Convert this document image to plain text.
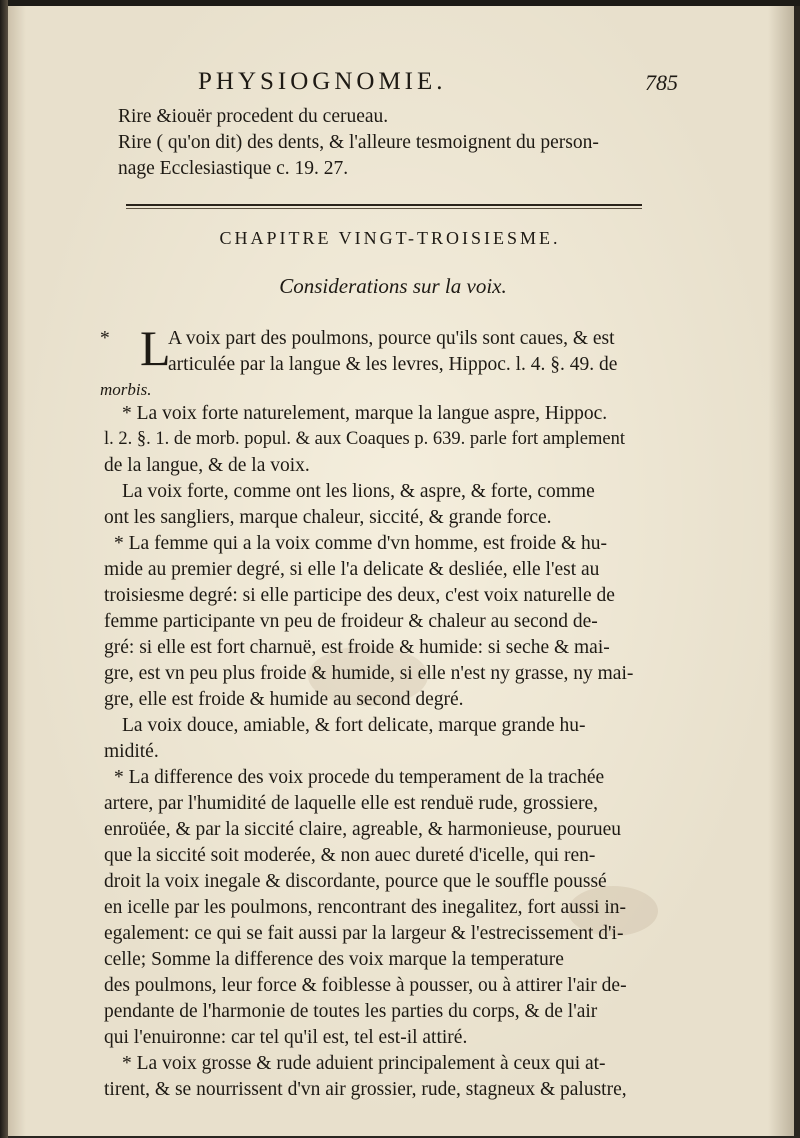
PHYSIOGNOMIE.	785
Rire &iouër procedent du cerueau.
Rire ( qu'on dit) des dents, & l'alleure tesmoignent du person-
nage Ecclesiastique c. 19. 27.
CHAPITRE VINGT-TROISIESME.
Considerations sur la voix.
* L
A voix part des poulmons, pource qu'ils sont caues, & est
articulée par la langue & les levres, Hippoc. l. 4. §. 49. de
morbis.
* La voix forte naturelement, marque la langue aspre, Hippoc.
l. 2. §. 1. de morb. popul. & aux Coaques p. 639. parle fort amplement
de la langue, & de la voix.
La voix forte, comme ont les lions, & aspre, & forte, comme
ont les sangliers, marque chaleur, siccité, & grande force.
* La femme qui a la voix comme d'vn homme, est froide & hu-
mide au premier degré, si elle l'a delicate & desliée, elle l'est au
troisiesme degré: si elle participe des deux, c'est voix naturelle de
femme participante vn peu de froideur & chaleur au second de-
gré: si elle est fort charnuë, est froide & humide: si seche & mai-
gre, est vn peu plus froide & humide, si elle n'est ny grasse, ny mai-
gre, elle est froide & humide au second degré.
La voix douce, amiable, & fort delicate, marque grande hu-
midité.
* La difference des voix procede du temperament de la trachée
artere, par l'humidité de laquelle elle est renduë rude, grossiere,
enroüée, & par la siccité claire, agreable, & harmonieuse, pourueu
que la siccité soit moderée, & non auec dureté d'icelle, qui ren-
droit la voix inegale & discordante, pource que le souffle poussé
en icelle par les poulmons, rencontrant des inegalitez, fort aussi in-
egalement: ce qui se fait aussi par la largeur & l'estrecissement d'i-
celle; Somme la difference des voix marque la temperature
des poulmons, leur force & foiblesse à pousser, ou à attirer l'air de-
pendante de l'harmonie de toutes les parties du corps, & de l'air
qui l'enuironne: car tel qu'il est, tel est-il attiré.
* La voix grosse & rude aduient principalement à ceux qui at-
tirent, & se nourrissent d'vn air grossier, rude, stagneux & palustre,
